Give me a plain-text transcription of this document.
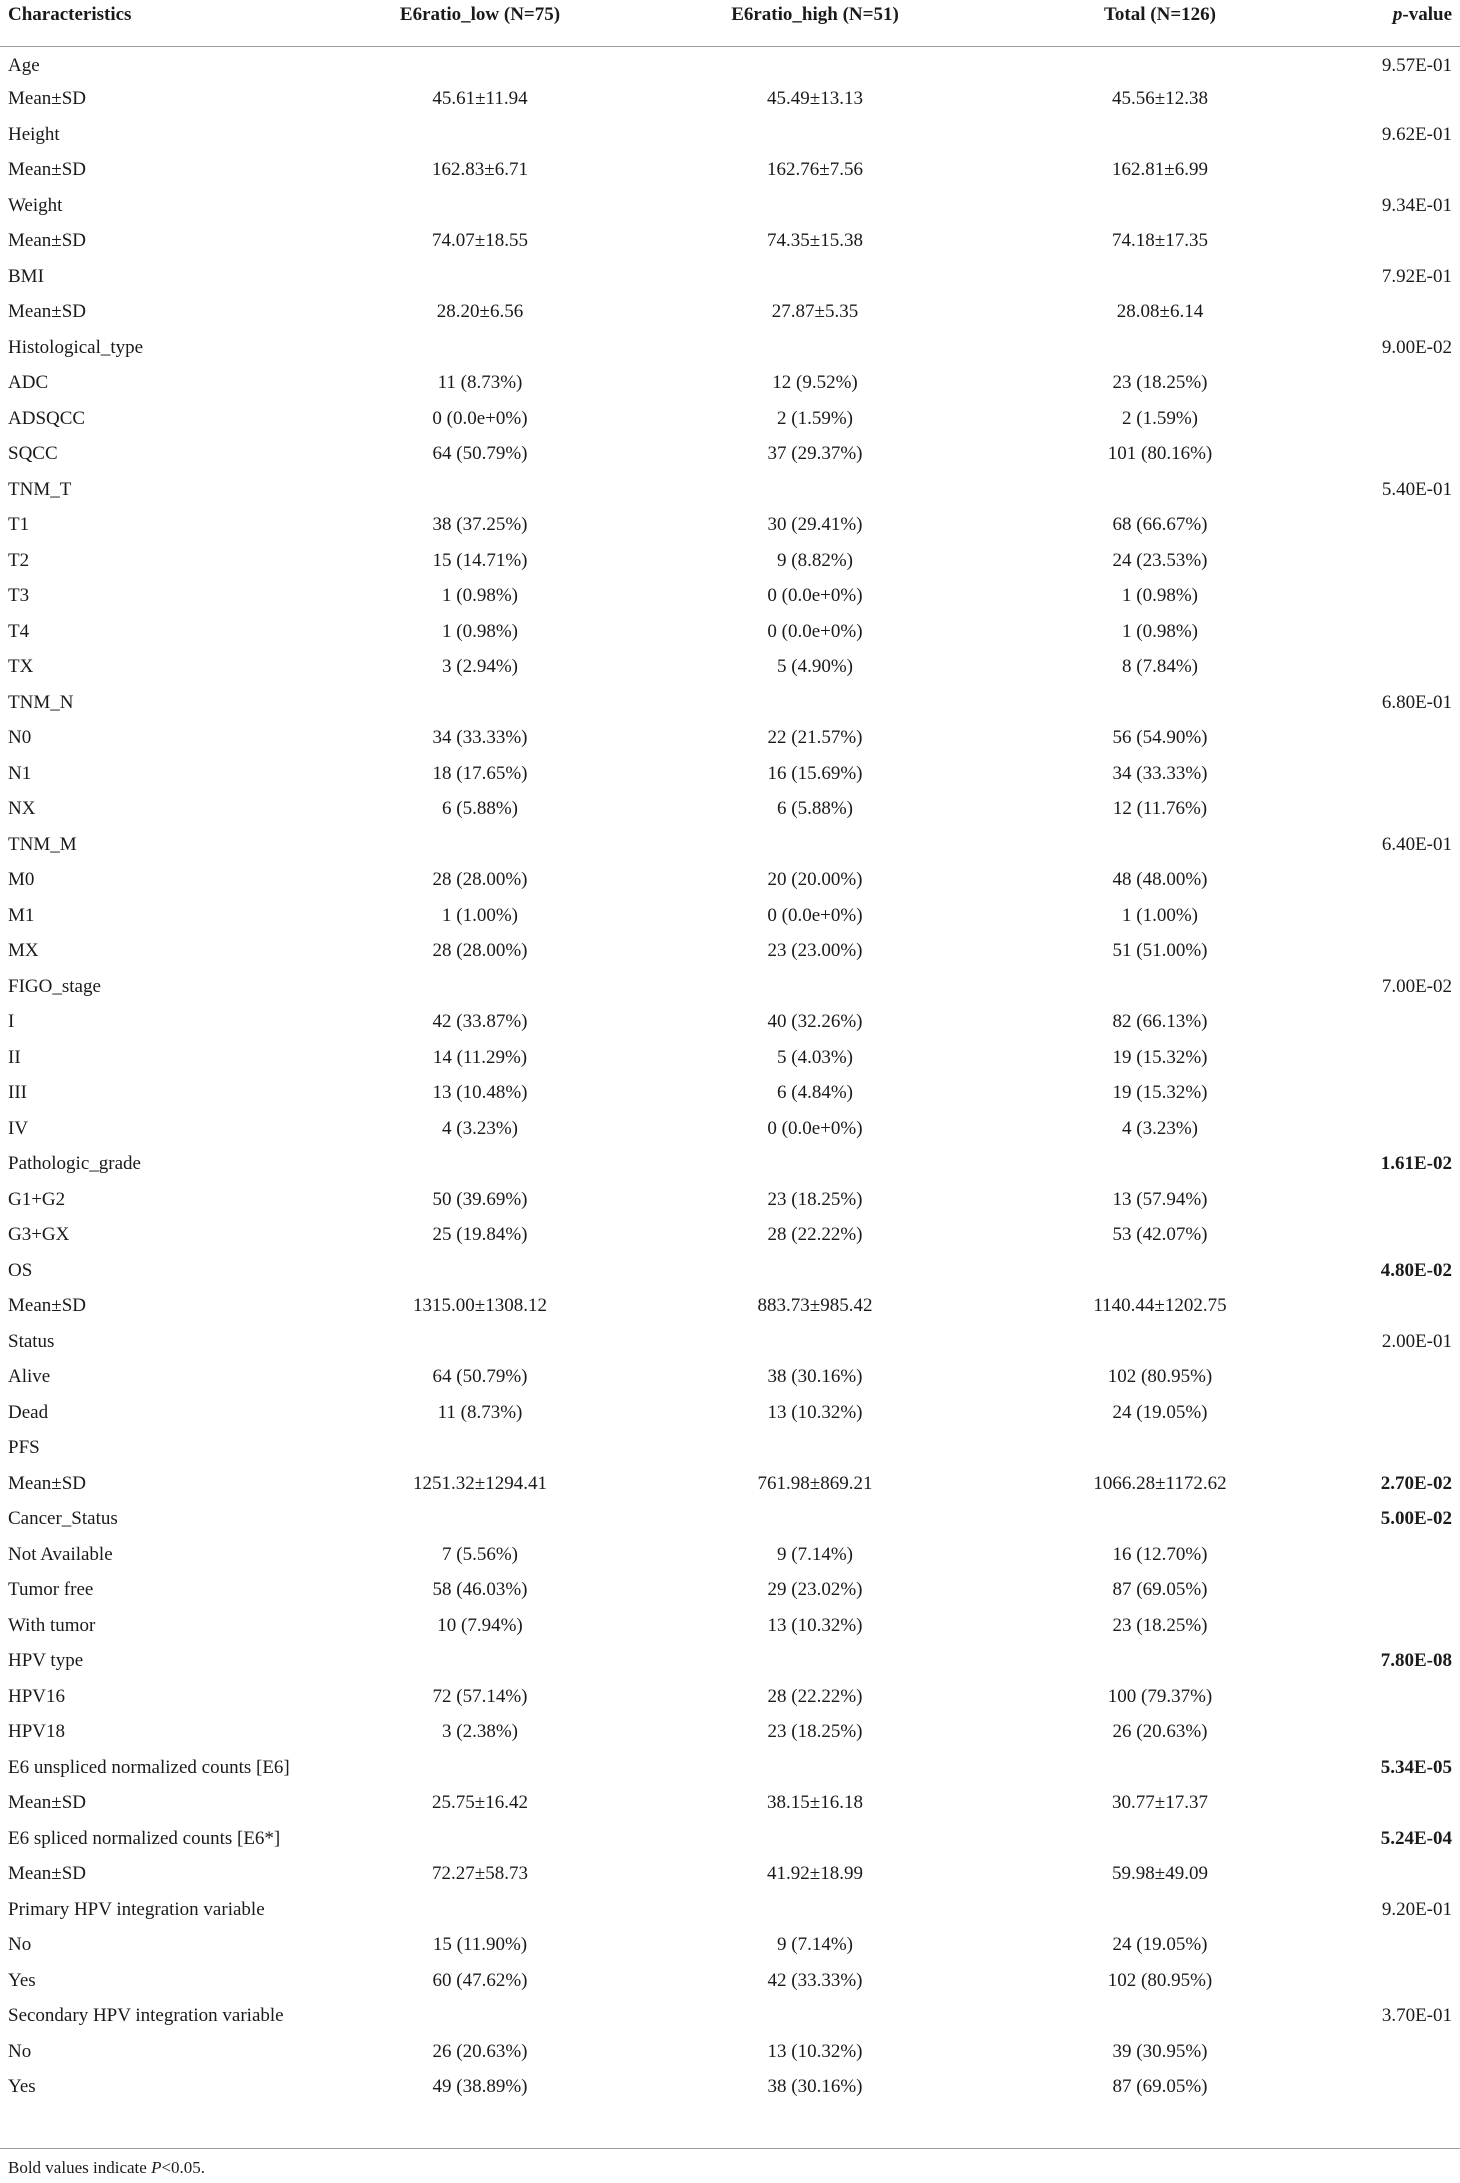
Characteristics	E6ratio_low (N=75)	E6ratio_high (N=51)	Total (N=126)	p-value
Age				9.57E-01
Mean±SD	45.61±11.94	45.49±13.13	45.56±12.38	
Height				9.62E-01
Mean±SD	162.83±6.71	162.76±7.56	162.81±6.99	
Weight				9.34E-01
Mean±SD	74.07±18.55	74.35±15.38	74.18±17.35	
BMI				7.92E-01
Mean±SD	28.20±6.56	27.87±5.35	28.08±6.14	
Histological_type				9.00E-02
ADC	11 (8.73%)	12 (9.52%)	23 (18.25%)	
ADSQCC	0 (0.0e+0%)	2 (1.59%)	2 (1.59%)	
SQCC	64 (50.79%)	37 (29.37%)	101 (80.16%)	
TNM_T				5.40E-01
T1	38 (37.25%)	30 (29.41%)	68 (66.67%)	
T2	15 (14.71%)	9 (8.82%)	24 (23.53%)	
T3	1 (0.98%)	0 (0.0e+0%)	1 (0.98%)	
T4	1 (0.98%)	0 (0.0e+0%)	1 (0.98%)	
TX	3 (2.94%)	5 (4.90%)	8 (7.84%)	
TNM_N				6.80E-01
N0	34 (33.33%)	22 (21.57%)	56 (54.90%)	
N1	18 (17.65%)	16 (15.69%)	34 (33.33%)	
NX	6 (5.88%)	6 (5.88%)	12 (11.76%)	
TNM_M				6.40E-01
M0	28 (28.00%)	20 (20.00%)	48 (48.00%)	
M1	1 (1.00%)	0 (0.0e+0%)	1 (1.00%)	
MX	28 (28.00%)	23 (23.00%)	51 (51.00%)	
FIGO_stage				7.00E-02
I	42 (33.87%)	40 (32.26%)	82 (66.13%)	
II	14 (11.29%)	5 (4.03%)	19 (15.32%)	
III	13 (10.48%)	6 (4.84%)	19 (15.32%)	
IV	4 (3.23%)	0 (0.0e+0%)	4 (3.23%)	
Pathologic_grade				1.61E-02
G1+G2	50 (39.69%)	23 (18.25%)	13 (57.94%)	
G3+GX	25 (19.84%)	28 (22.22%)	53 (42.07%)	
OS				4.80E-02
Mean±SD	1315.00±1308.12	883.73±985.42	1140.44±1202.75	
Status				2.00E-01
Alive	64 (50.79%)	38 (30.16%)	102 (80.95%)	
Dead	11 (8.73%)	13 (10.32%)	24 (19.05%)	
PFS				
Mean±SD	1251.32±1294.41	761.98±869.21	1066.28±1172.62	2.70E-02
Cancer_Status				5.00E-02
Not Available	7 (5.56%)	9 (7.14%)	16 (12.70%)	
Tumor free	58 (46.03%)	29 (23.02%)	87 (69.05%)	
With tumor	10 (7.94%)	13 (10.32%)	23 (18.25%)	
HPV type				7.80E-08
HPV16	72 (57.14%)	28 (22.22%)	100 (79.37%)	
HPV18	3 (2.38%)	23 (18.25%)	26 (20.63%)	
E6 unspliced normalized counts [E6]				5.34E-05
Mean±SD	25.75±16.42	38.15±16.18	30.77±17.37	
E6 spliced normalized counts [E6*]				5.24E-04
Mean±SD	72.27±58.73	41.92±18.99	59.98±49.09	
Primary HPV integration variable				9.20E-01
No	15 (11.90%)	9 (7.14%)	24 (19.05%)	
Yes	60 (47.62%)	42 (33.33%)	102 (80.95%)	
Secondary HPV integration variable				3.70E-01
No	26 (20.63%)	13 (10.32%)	39 (30.95%)	
Yes	49 (38.89%)	38 (30.16%)	87 (69.05%)	
Bold values indicate P<0.05.
